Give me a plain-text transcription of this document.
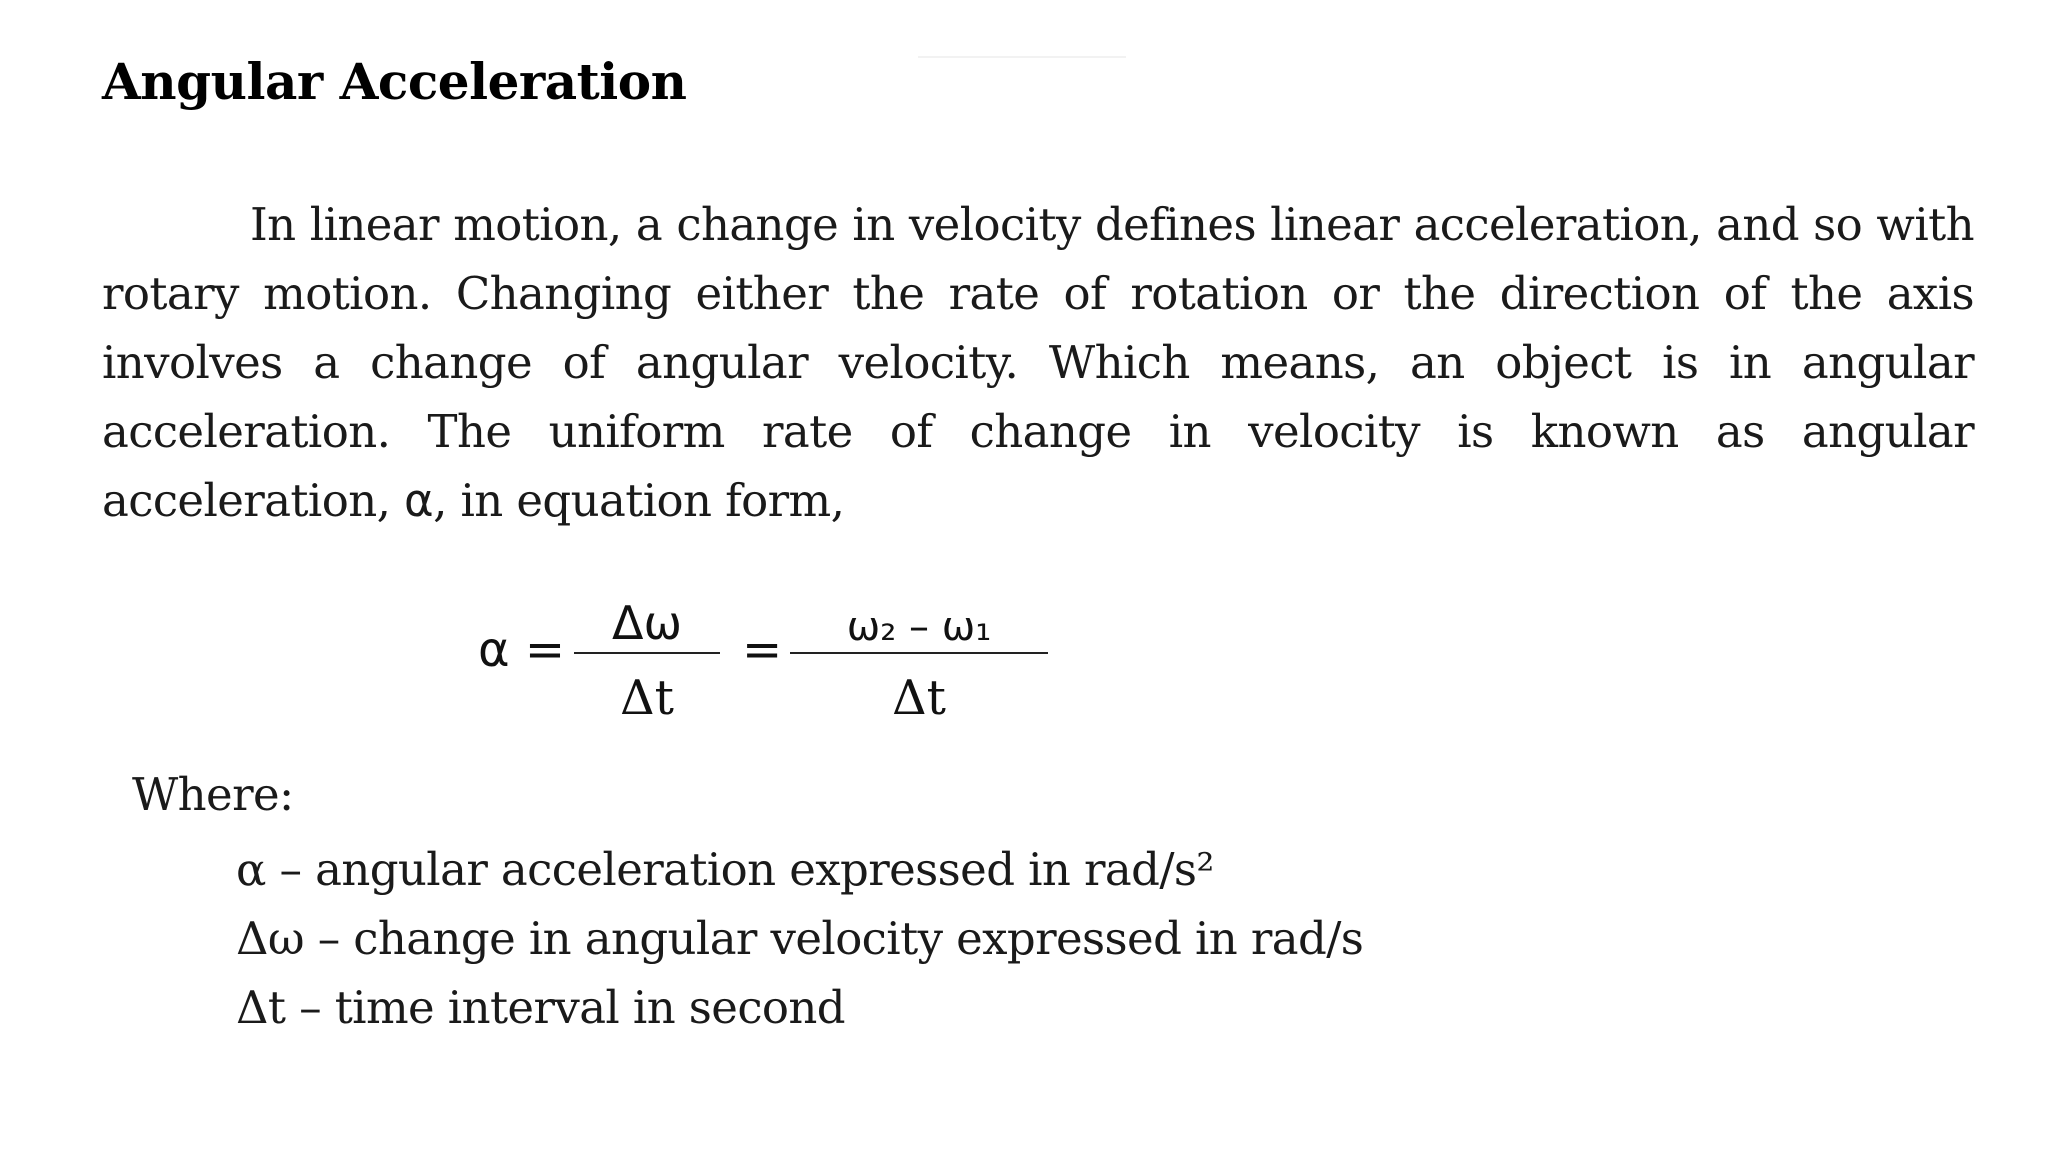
Angular Acceleration

In linear motion, a change in velocity defines linear acceleration, and so with rotary motion. Changing either the rate of rotation or the direction of the axis involves a change of angular velocity. Which means, an object is in angular acceleration. The uniform rate of change in velocity is known as angular acceleration, α, in equation form,

α =	Δω
Δt
=	ω₂ – ω₁
Δt

Where:

α – angular acceleration expressed in rad/s²
Δω – change in angular velocity expressed in rad/s
Δt – time interval in second
